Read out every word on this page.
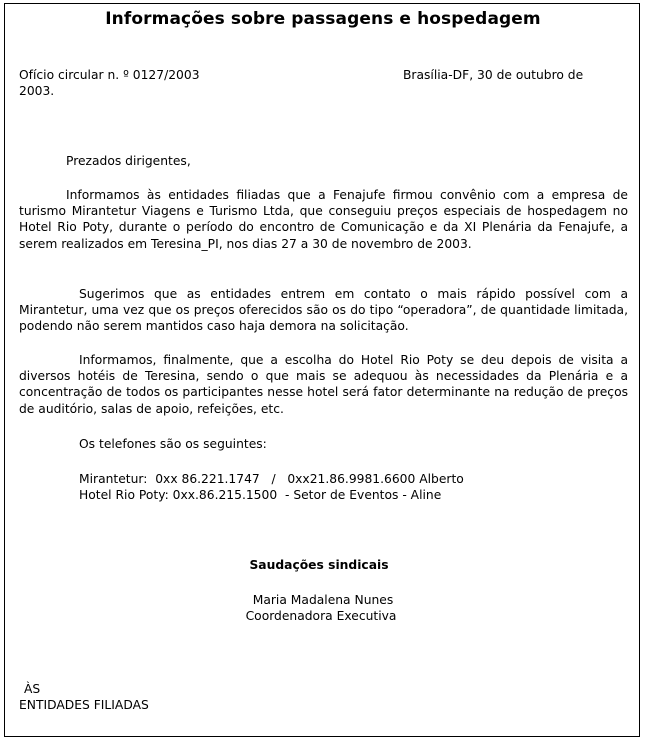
Informações sobre passagens e hospedagem
Ofício circular n. º 0127/2003	Brasília-DF, 30 de outubro de
2003.
Prezados dirigentes,
Informamos às entidades filiadas que a Fenajufe firmou convênio com a empresa de turismo Mirantetur Viagens e Turismo Ltda, que conseguiu preços especiais de hospedagem no Hotel Rio Poty, durante o período do encontro de Comunicação e da XI Plenária da Fenajufe, a serem realizados em Teresina_PI, nos dias 27 a 30 de novembro de 2003.
Sugerimos que as entidades entrem em contato o mais rápido possível com a Mirantetur, uma vez que os preços oferecidos são os do tipo “operadora”, de quantidade limitada, podendo não serem mantidos caso haja demora na solicitação.
Informamos, finalmente, que a escolha do Hotel Rio Poty se deu depois de visita a diversos hotéis de Teresina, sendo o que mais se adequou às necessidades da Plenária e a concentração de todos os participantes nesse hotel será fator determinante na redução de preços de auditório, salas de apoio, refeições, etc.
Os telefones são os seguintes:
Mirantetur:  0xx 86.221.1747   /   0xx21.86.9981.6600 Alberto
Hotel Rio Poty: 0xx.86.215.1500  - Setor de Eventos - Aline
Saudações sindicais
Maria Madalena Nunes
Coordenadora Executiva
ÀS
ENTIDADES FILIADAS
